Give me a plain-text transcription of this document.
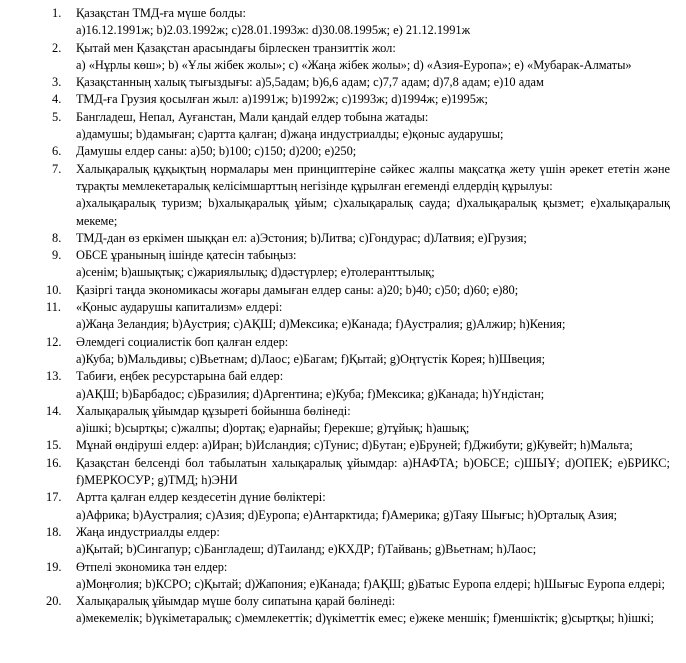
1.	Қазақстан ТМД-ға мүше болды:
а)16.12.1991ж; b)2.03.1992ж; с)28.01.1993ж: d)30.08.1995ж; е) 21.12.1991ж
2.	Қытай мен Қазақстан арасындағы бірлескен транзиттік жол:
а) «Нұрлы көш»; b) «Ұлы жібек жолы»; с) «Жаңа жібек жолы»; d) «Азия-Еуропа»; е) «Мубарак-Алматы»
3.	Қазақстанның халық тығыздығы: а)5,5адам; b)6,6 адам; с)7,7 адам; d)7,8 адам; е)10 адам
4.	ТМД-ға Грузия қосылған жыл: а)1991ж; b)1992ж; с)1993ж; d)1994ж; е)1995ж;
5.	Бангладеш, Непал, Ауғанстан, Мали қандай елдер тобына жатады:
а)дамушы; b)дамыған; с)артта қалған; d)жаңа индустриалды; е)қоныс аударушы;
6.	Дамушы елдер саны: а)50; b)100; с)150; d)200; е)250;
7.	Халықаралық құқықтың нормалары мен принциптеріне сәйкес жалпы мақсатқа жету үшін әрекет ететін және тұрақты мемлекетаралық келісімшарттың негізінде құрылған егеменді елдердің құрылуы:
а)халықаралық туризм; b)халықаралық ұйым; с)халықаралық сауда; d)халықаралық қызмет; е)халықаралық мекеме;
8.	ТМД-дан өз еркімен шыққан ел: а)Эстония; b)Литва; с)Гондурас; d)Латвия; е)Грузия;
9.	ОБСЕ ұранының ішінде қатесін табыңыз:
а)сенім; b)ашықтық; с)жариялылық; d)дәстүрлер; е)толеранттылық;
10.	Қазіргі таңда экономикасы жоғары дамыған елдер саны: а)20; b)40; с)50; d)60; е)80;
11.	«Қоныс аударушы капитализм» елдері:
а)Жаңа Зеландия; b)Аустрия; с)АҚШ; d)Мексика; е)Канада; f)Аустралия; g)Алжир; h)Кения;
12.	Әлемдегі социалистік боп қалған елдер:
а)Куба; b)Мальдивы; с)Вьетнам; d)Лаос; е)Багам; f)Қытай; g)Оңтүстік Корея; h)Швеция;
13.	Табиғи, еңбек ресурстарына бай елдер:
а)АҚШ; b)Барбадос; с)Бразилия; d)Аргентина; е)Куба; f)Мексика; g)Канада; h)Үндістан;
14.	Халықаралық ұйымдар құзыреті бойынша бөлінеді:
а)ішкі; b)сыртқы; с)жалпы; d)ортақ; е)арнайы; f)ерекше; g)тұйық; h)ашық;
15.	Мұнай өндіруші елдер: а)Иран; b)Исландия; с)Тунис; d)Бутан; е)Бруней; f)Джибути; g)Кувейт; h)Мальта;
16.	Қазақстан белсенді бол табылатын халықаралық ұйымдар: а)НАФТА; b)ОБСЕ; с)ШЫҰ; d)ОПЕК; е)БРИКС; f)МЕРКОСУР; g)ТМД; h)ЭНИ
17.	Артта қалған елдер кездесетін дүние бөліктері:
а)Африка; b)Аустралия; с)Азия; d)Еуропа; е)Антарктида; f)Америка; g)Таяу Шығыс; h)Орталық Азия;
18.	Жаңа индустриалды елдер:
а)Қытай; b)Сингапур; с)Бангладеш; d)Таиланд; е)КХДР; f)Тайвань; g)Вьетнам; h)Лаос;
19.	Өтпелі экономика тән елдер:
а)Моңғолия; b)КСРО; с)Қытай; d)Жапония; е)Канада; f)АҚШ; g)Батыс Еуропа елдері; h)Шығыс Еуропа елдері;
20.	Халықаралық ұйымдар мүше болу сипатына қарай бөлінеді:
а)мекемелік; b)үкіметаралық; с)мемлекеттік; d)үкіметтік емес; е)жеке меншік; f)меншіктік; g)сыртқы; h)ішкі;
